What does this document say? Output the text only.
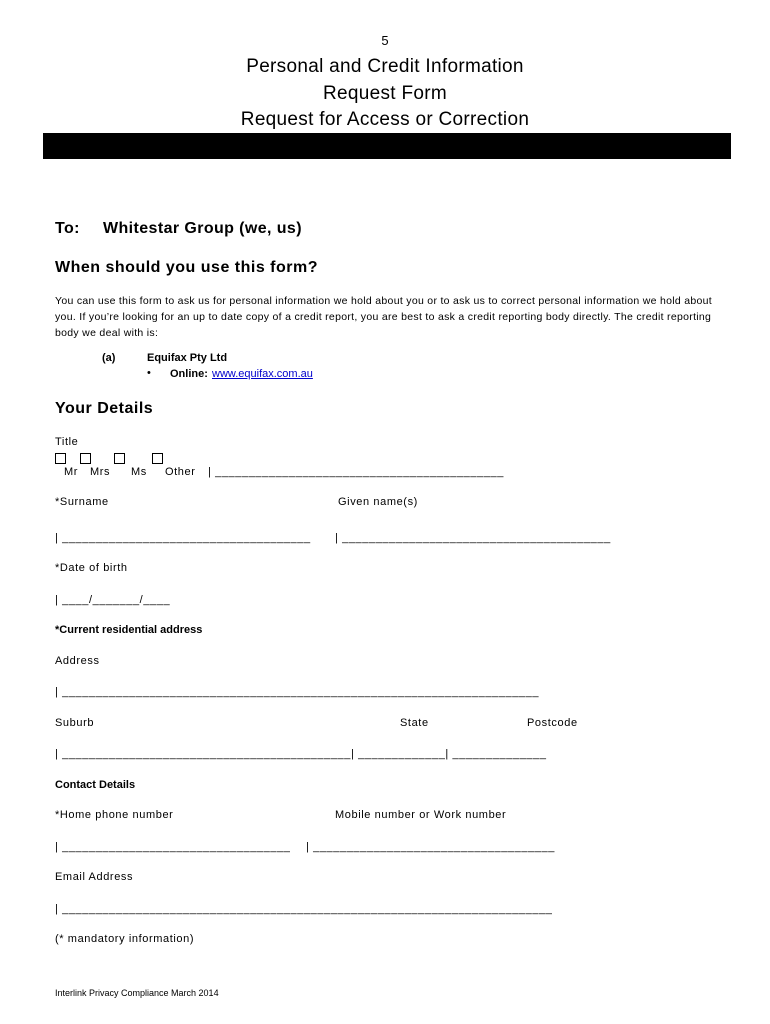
5
Personal and Credit Information
Request Form
Request for Access or Correction
To: Whitestar Group (we, us)
When should you use this form?
You can use this form to ask us for personal information we hold about you or to ask us to correct personal information we hold about you. If you’re looking for an up to date copy of a credit report, you are best to ask a credit reporting body directly. The credit reporting body we deal with is:
(a)	Equifax Pty Ltd
• Online: www.equifax.com.au
Your Details
Title
Mr Mrs Ms Other | ___________________________________________
*Surname	Given name(s)
| _____________________________________ | ________________________________________
*Date of birth
| ____/_______/____
*Current residential address
Address
| _______________________________________________________________________
Suburb	State	Postcode
| ___________________________________________| _____________| ______________
Contact Details
*Home phone number	Mobile number or Work number
| __________________________________ | ____________________________________
Email Address
| _________________________________________________________________________
(* mandatory information)
Interlink Privacy Compliance March 2014
